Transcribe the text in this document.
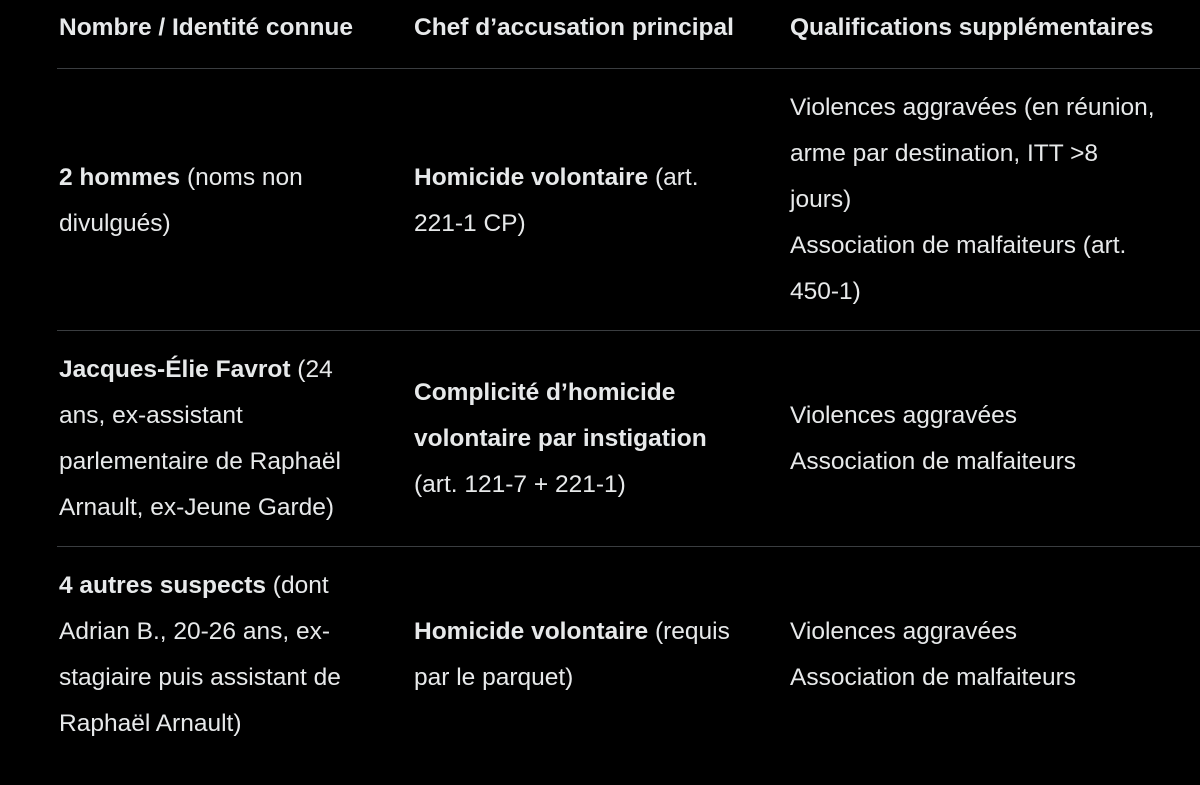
Nombre / Identité connue Chef d’accusation principal Qualifications supplémentaires
2 hommes (noms non
divulgués)
Homicide volontaire (art.
221-1 CP)
Violences aggravées (en réunion,
arme par destination, ITT >8
jours)
Association de malfaiteurs (art.
450-1)
Jacques-Élie Favrot (24
ans, ex-assistant
parlementaire de Raphaël
Arnault, ex-Jeune Garde)
Complicité d’homicide
volontaire par instigation
(art. 121-7 + 221-1)
Violences aggravées
Association de malfaiteurs
4 autres suspects (dont
Adrian B., 20-26 ans, ex-
stagiaire puis assistant de
Raphaël Arnault)
Homicide volontaire (requis
par le parquet)
Violences aggravées
Association de malfaiteurs
